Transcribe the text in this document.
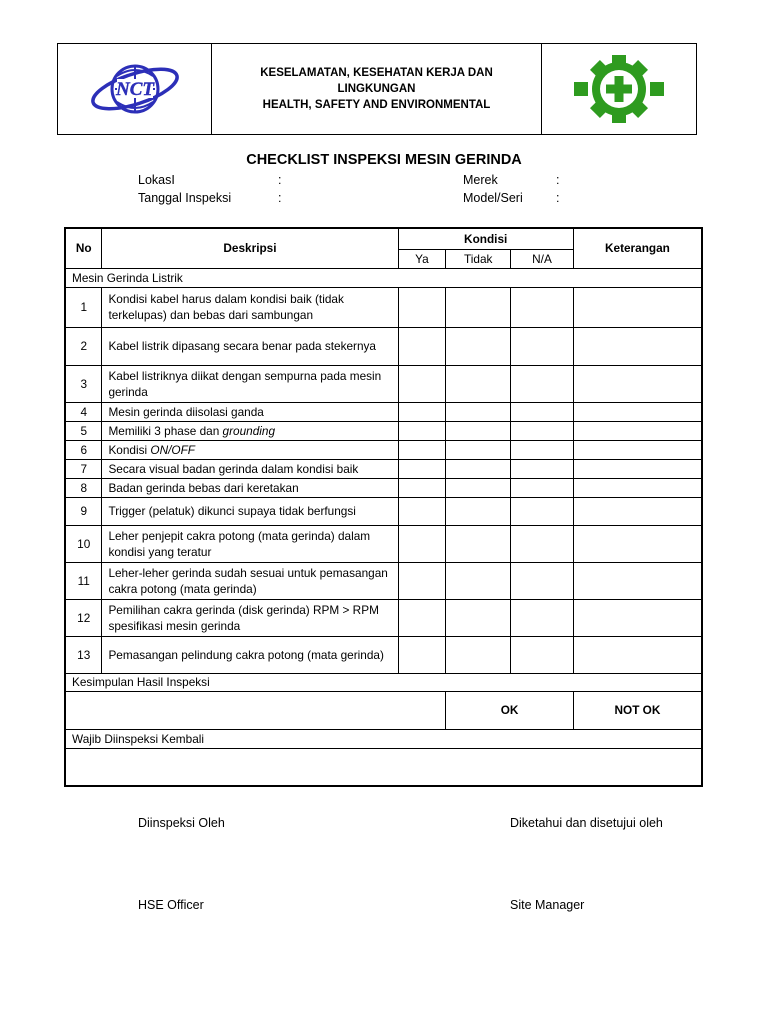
NCT
KESELAMATAN, KESEHATAN KERJA DAN
LINGKUNGAN
HEALTH, SAFETY AND ENVIRONMENTAL
CHECKLIST INSPEKSI MESIN GERINDA
LokasI	:	Merek	:
Tanggal Inspeksi	:	Model/Seri	:
No	Deskripsi	Kondisi			Keterangan
		Ya	Tidak	N/A	
Mesin Gerinda Listrik					
1	Kondisi kabel harus dalam kondisi baik (tidak terkelupas) dan bebas dari sambungan				
2	Kabel listrik dipasang secara benar pada stekernya				
3	Kabel listriknya diikat dengan sempurna pada mesin gerinda				
4	Mesin gerinda diisolasi ganda				
5	Memiliki 3 phase dan grounding				
6	Kondisi ON/OFF				
7	Secara visual badan gerinda dalam kondisi baik				
8	Badan gerinda bebas dari keretakan				
9	Trigger (pelatuk) dikunci supaya tidak berfungsi				
10	Leher penjepit cakra potong (mata gerinda) dalam kondisi yang teratur				
11	Leher-leher gerinda sudah sesuai untuk pemasangan cakra potong (mata gerinda)				
12	Pemilihan cakra gerinda (disk gerinda) RPM > RPM spesifikasi mesin gerinda				
13	Pemasangan pelindung cakra potong (mata gerinda)				
Kesimpulan Hasil Inspeksi					
			OK		NOT OK
Wajib Diinspeksi Kembali					

Diinspeksi Oleh	Diketahui dan disetujui oleh
HSE Officer	Site Manager
